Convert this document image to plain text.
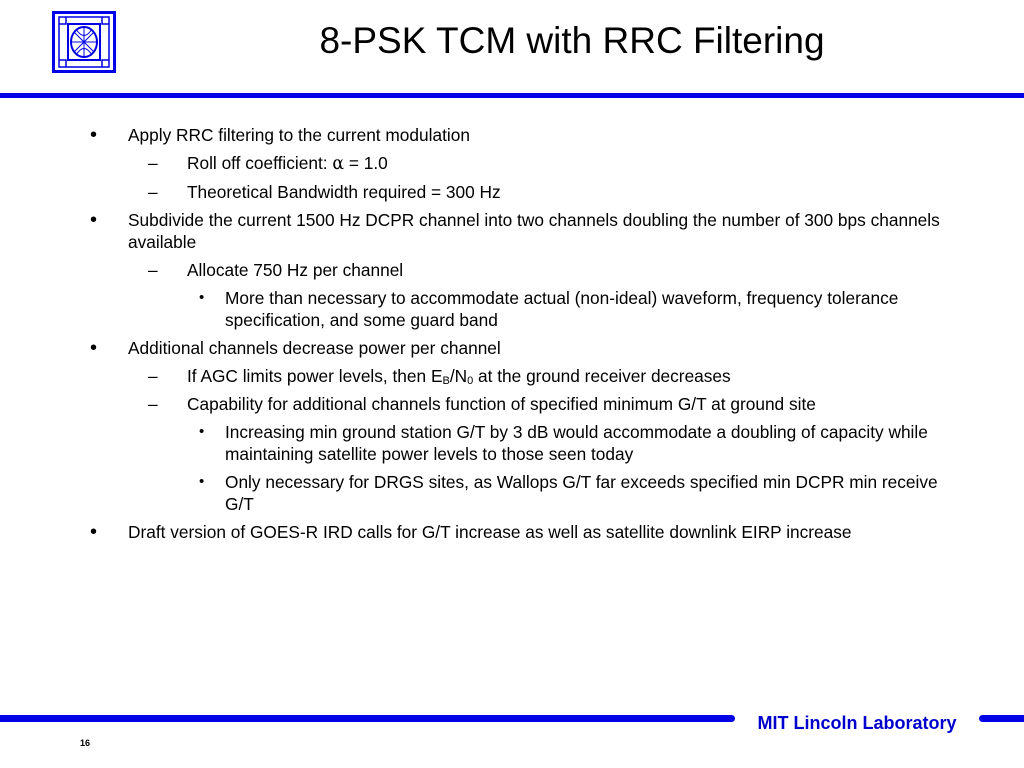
8-PSK TCM with RRC Filtering
• Apply RRC filtering to the current modulation
– Roll off coefficient: α = 1.0
– Theoretical Bandwidth required = 300 Hz
• Subdivide the current 1500 Hz DCPR channel into two channels doubling the number of 300 bps channels available
– Allocate 750 Hz per channel
• More than necessary to accommodate actual (non-ideal) waveform, frequency tolerance specification, and some guard band
• Additional channels decrease power per channel
– If AGC limits power levels, then $E_B/N_0$ at the ground receiver decreases
– Capability for additional channels function of specified minimum G/T at ground site
• Increasing min ground station G/T by 3 dB would accommodate a doubling of capacity while maintaining satellite power levels to those seen today
• Only necessary for DRGS sites, as Wallops G/T far exceeds specified min DCPR min receive G/T
• Draft version of GOES-R IRD calls for G/T increase as well as satellite downlink EIRP increase
MIT Lincoln Laboratory
16
